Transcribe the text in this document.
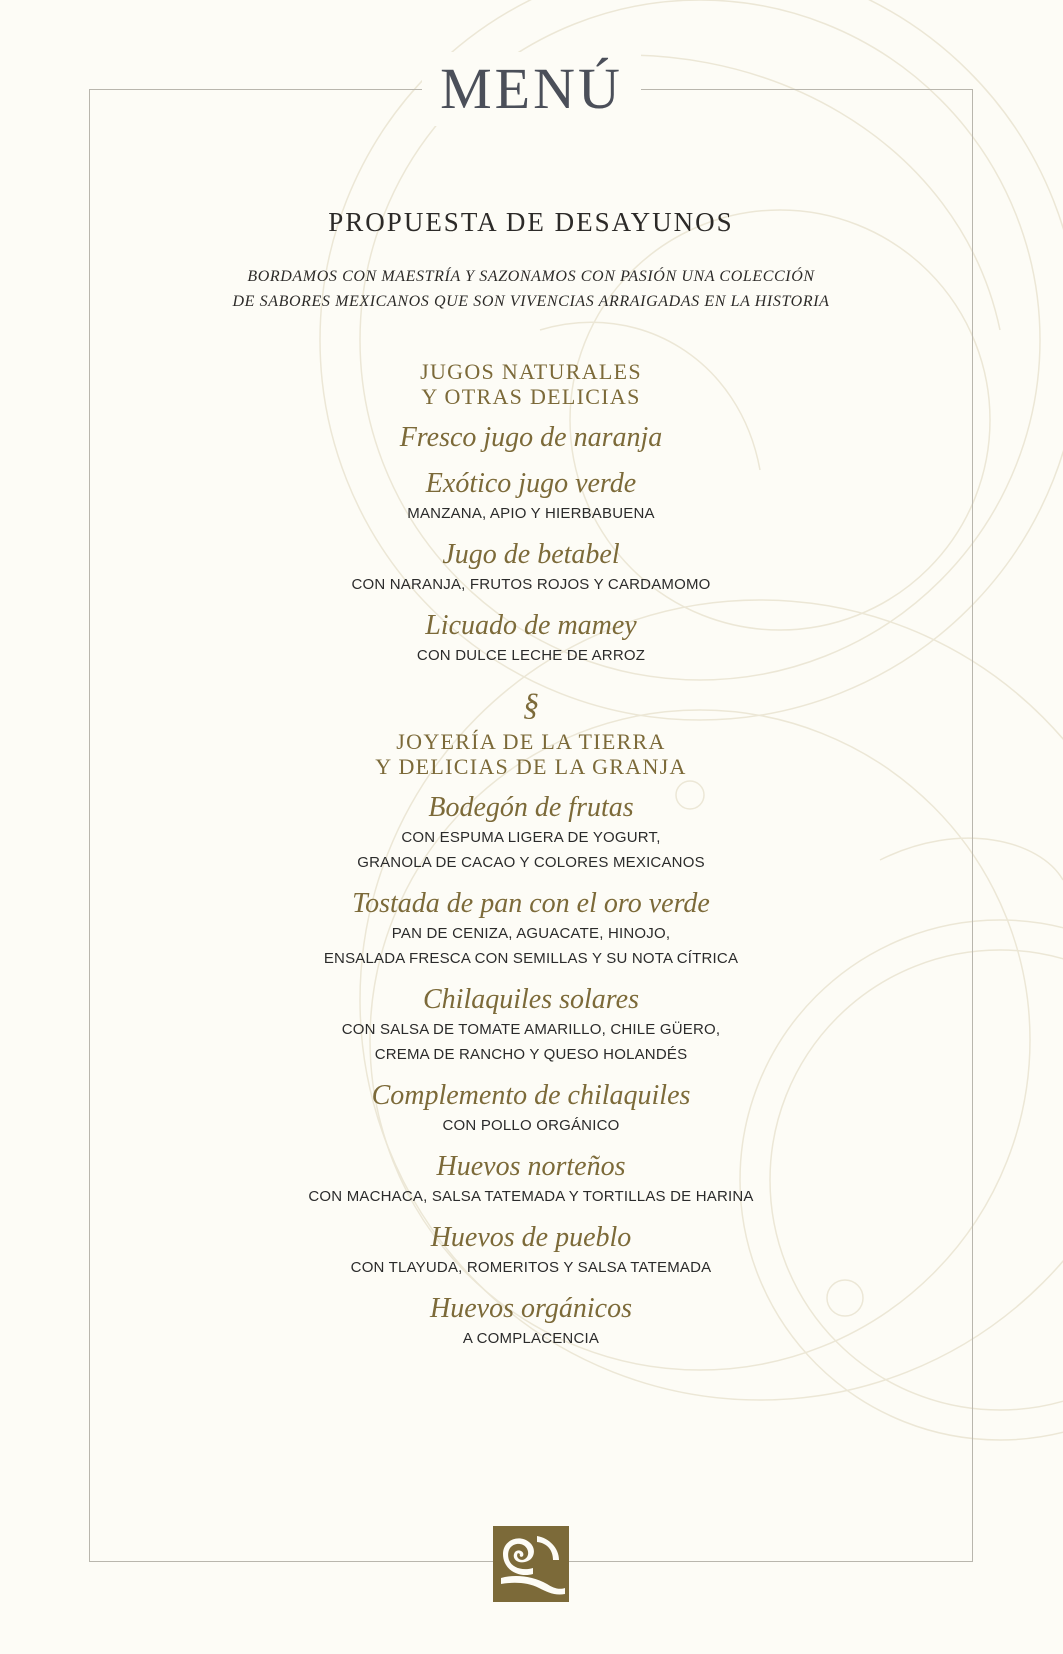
MENÚ
PROPUESTA DE DESAYUNOS
BORDAMOS CON MAESTRÍA Y SAZONAMOS CON PASIÓN UNA COLECCIÓN
DE SABORES MEXICANOS QUE SON VIVENCIAS ARRAIGADAS EN LA HISTORIA
JUGOS NATURALES
Y OTRAS DELICIAS
Fresco jugo de naranja
Exótico jugo verde
MANZANA, APIO Y HIERBABUENA
Jugo de betabel
CON NARANJA, FRUTOS ROJOS Y CARDAMOMO
Licuado de mamey
CON DULCE LECHE DE ARROZ
§
JOYERÍA DE LA TIERRA
Y DELICIAS DE LA GRANJA
Bodegón de frutas
CON ESPUMA LIGERA DE YOGURT,
GRANOLA DE CACAO Y COLORES MEXICANOS
Tostada de pan con el oro verde
PAN DE CENIZA, AGUACATE, HINOJO,
ENSALADA FRESCA CON SEMILLAS Y SU NOTA CÍTRICA
Chilaquiles solares
CON SALSA DE TOMATE AMARILLO, CHILE GÜERO,
CREMA DE RANCHO Y QUESO HOLANDÉS
Complemento de chilaquiles
CON POLLO ORGÁNICO
Huevos norteños
CON MACHACA, SALSA TATEMADA Y TORTILLAS DE HARINA
Huevos de pueblo
CON TLAYUDA, ROMERITOS Y SALSA TATEMADA
Huevos orgánicos
A COMPLACENCIA
